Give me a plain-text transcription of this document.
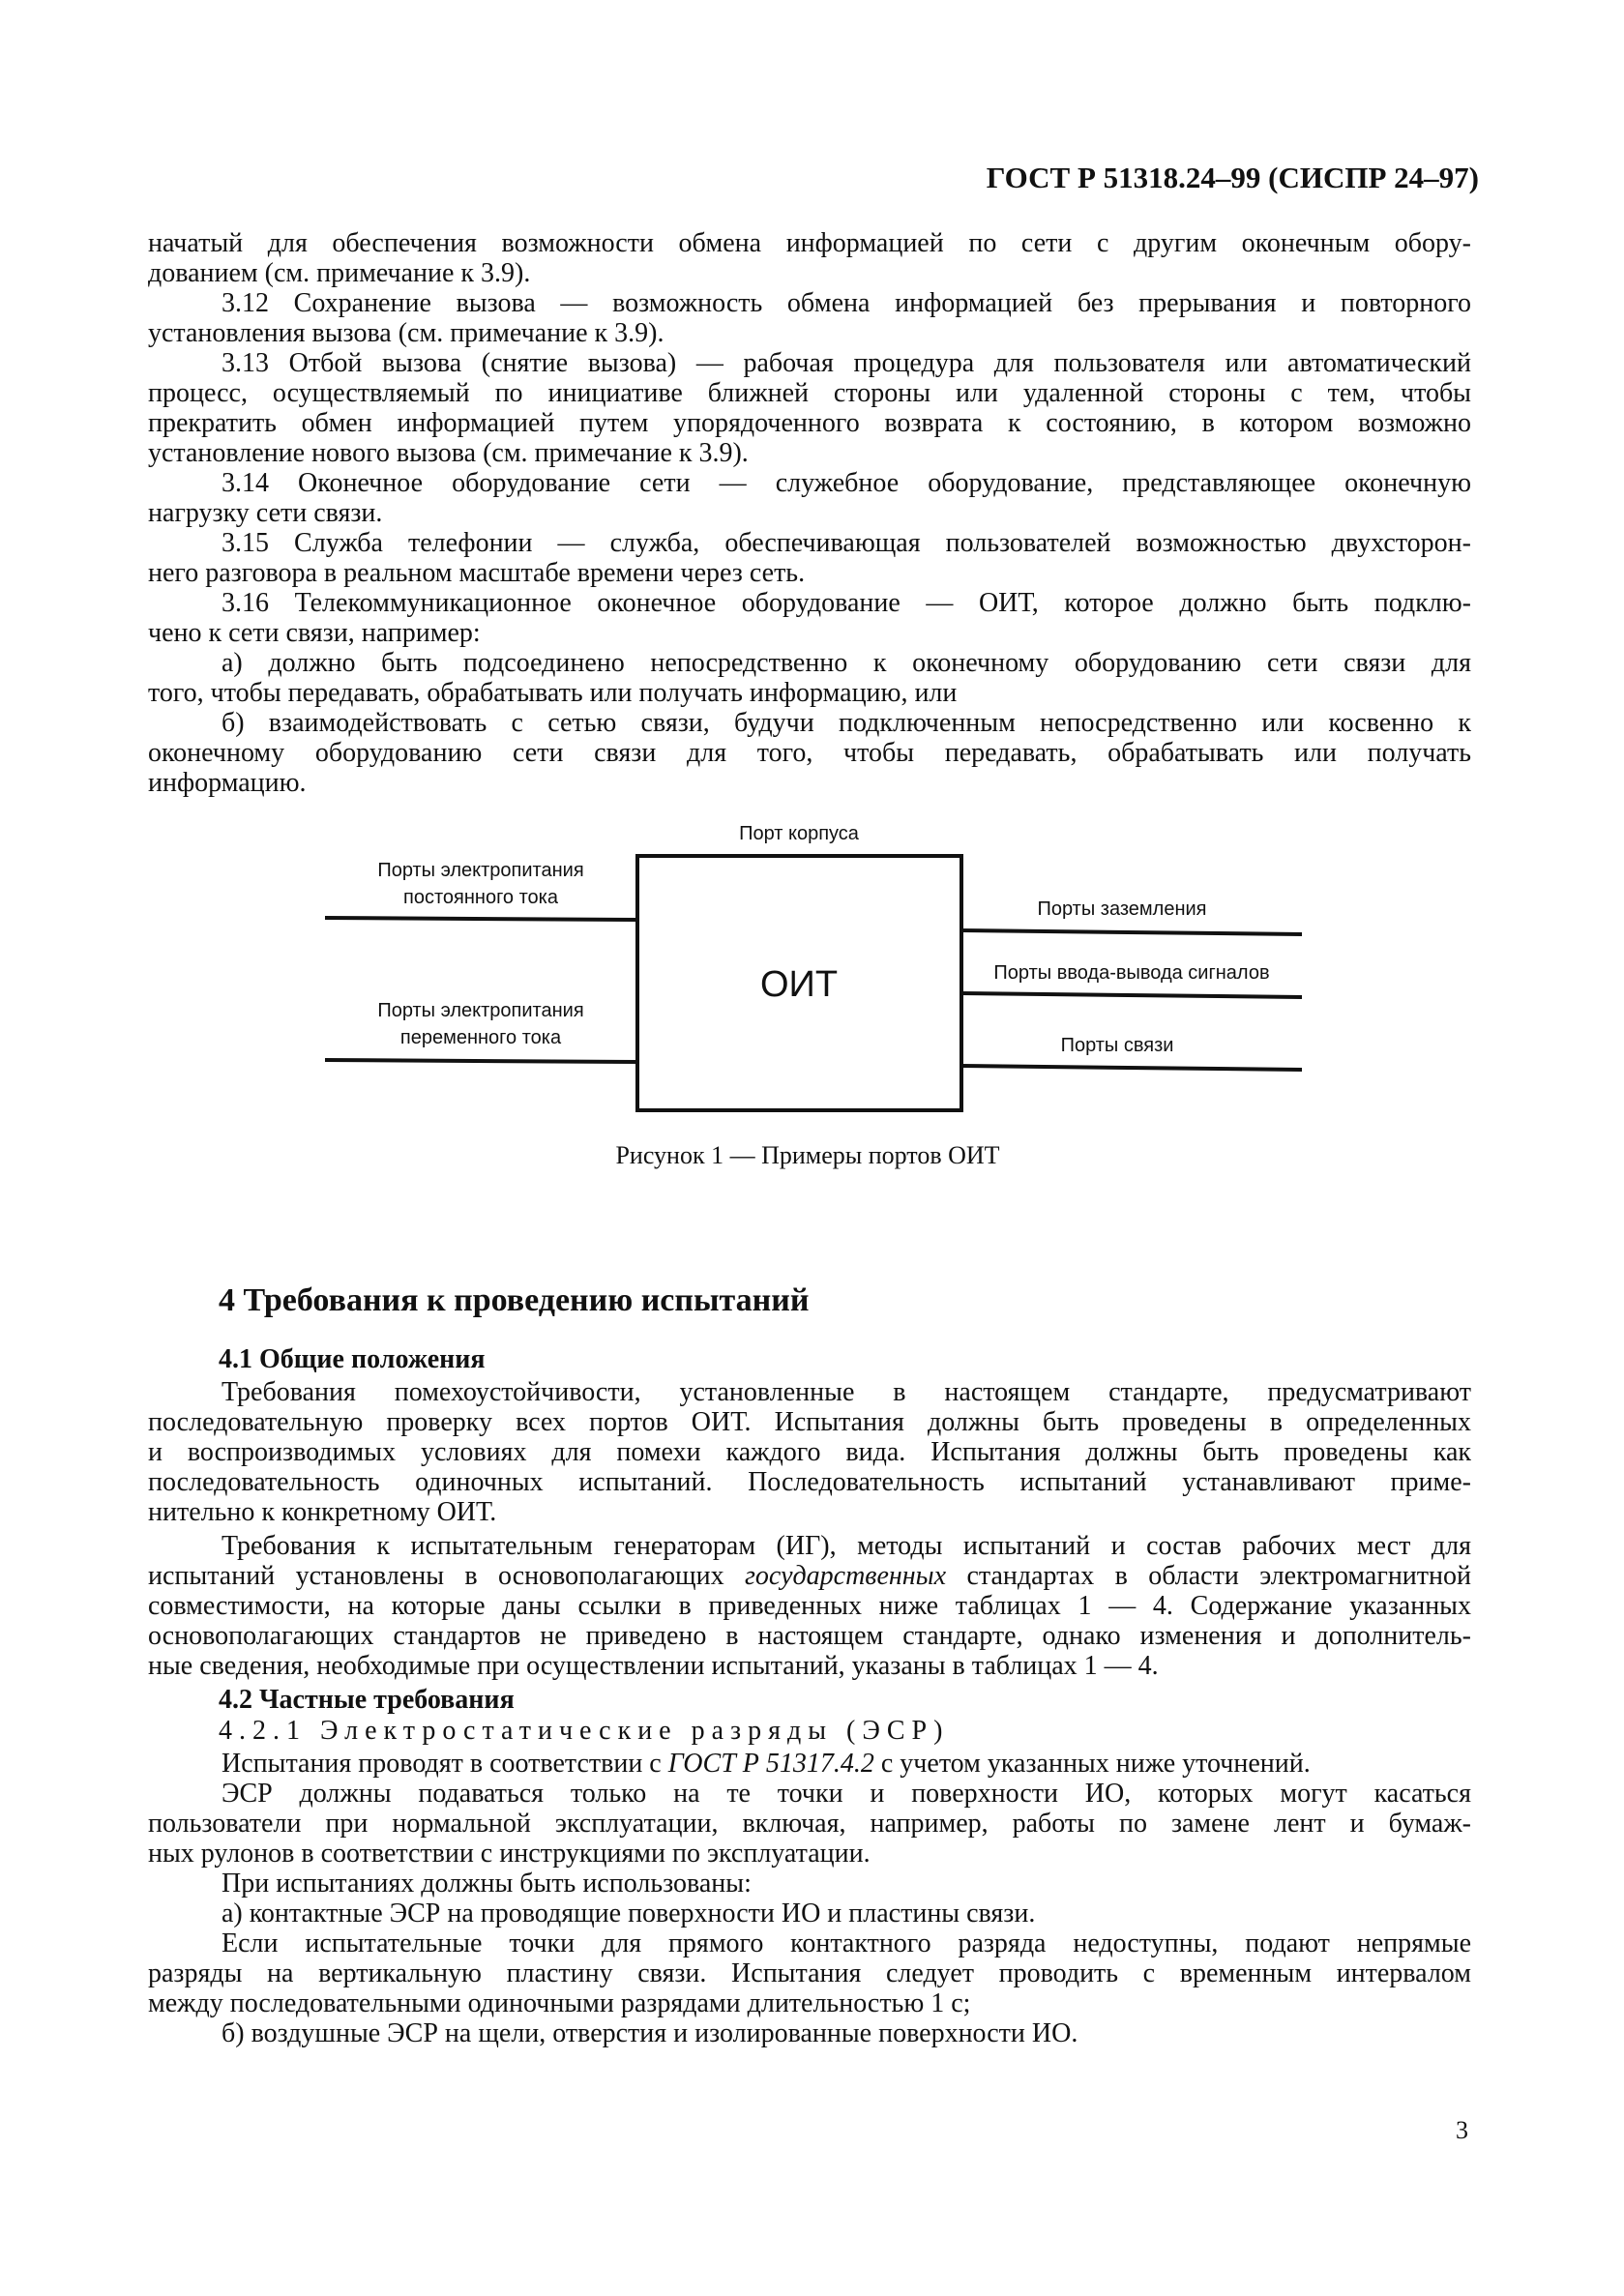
ГОСТ Р 51318.24–99 (СИСПР 24–97)
начатый для обеспечения возможности обмена информацией по сети с другим оконечным обору-
дованием (см. примечание к 3.9).
3.12 Сохранение вызова — возможность обмена информацией без прерывания и повторного
установления вызова (см. примечание к 3.9).
3.13 Отбой вызова (снятие вызова) — рабочая процедура для пользователя или автоматический
процесс, осуществляемый по инициативе ближней стороны или удаленной стороны с тем, чтобы
прекратить обмен информацией путем упорядоченного возврата к состоянию, в котором возможно
установление нового вызова (см. примечание к 3.9).
3.14 Оконечное оборудование сети — служебное оборудование, представляющее оконечную
нагрузку сети связи.
3.15 Служба телефонии — служба, обеспечивающая пользователей возможностью двухсторон-
него разговора в реальном масштабе времени через сеть.
3.16 Телекоммуникационное оконечное оборудование — ОИТ, которое должно быть подклю-
чено к сети связи, например:
а) должно быть подсоединено непосредственно к оконечному оборудованию сети связи для
того, чтобы передавать, обрабатывать или получать информацию, или
б) взаимодействовать с сетью связи, будучи подключенным непосредственно или косвенно к
оконечному оборудованию сети связи для того, чтобы передавать, обрабатывать или получать
информацию.
Порт корпуса
Порты электропитания
постоянного тока
Порты электропитания
переменного тока
ОИТ
Порты заземления
Порты ввода-вывода сигналов
Порты связи
Рисунок 1 — Примеры портов ОИТ
4 Требования к проведению испытаний
4.1 Общие положения
Требования помехоустойчивости, установленные в настоящем стандарте, предусматривают
последовательную проверку всех портов ОИТ. Испытания должны быть проведены в определенных
и воспроизводимых условиях для помехи каждого вида. Испытания должны быть проведены как
последовательность одиночных испытаний. Последовательность испытаний устанавливают приме-
нительно к конкретному ОИТ.
Требования к испытательным генераторам (ИГ), методы испытаний и состав рабочих мест для
испытаний установлены в основополагающих государственных стандартах в области электромагнитной
совместимости, на которые даны ссылки в приведенных ниже таблицах 1 — 4. Содержание указанных
основополагающих стандартов не приведено в настоящем стандарте, однако изменения и дополнитель-
ные сведения, необходимые при осуществлении испытаний, указаны в таблицах 1 — 4.
4.2 Частные требования
4.2.1 Электростатические разряды (ЭСР)
Испытания проводят в соответствии с ГОСТ Р 51317.4.2 с учетом указанных ниже уточнений.
ЭСР должны подаваться только на те точки и поверхности ИО, которых могут касаться
пользователи при нормальной эксплуатации, включая, например, работы по замене лент и бумаж-
ных рулонов в соответствии с инструкциями по эксплуатации.
При испытаниях должны быть использованы:
а) контактные ЭСР на проводящие поверхности ИО и пластины связи.
Если испытательные точки для прямого контактного разряда недоступны, подают непрямые
разряды на вертикальную пластину связи. Испытания следует проводить с временным интервалом
между последовательными одиночными разрядами длительностью 1 с;
б) воздушные ЭСР на щели, отверстия и изолированные поверхности ИО.
3
